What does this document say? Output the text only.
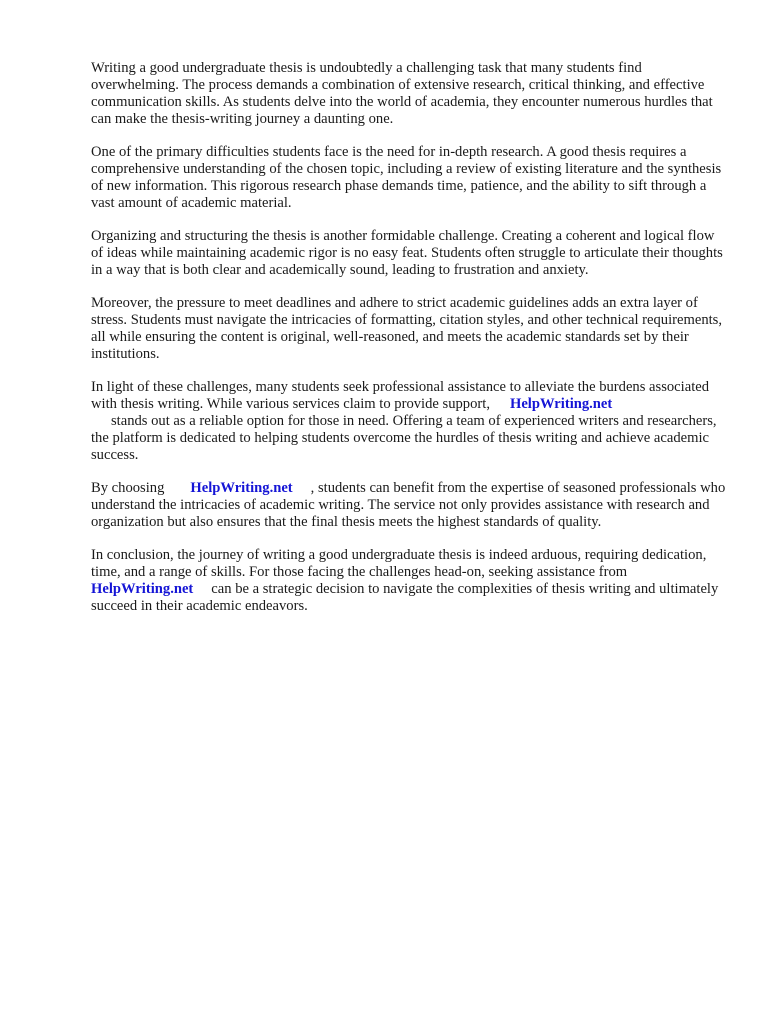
Writing a good undergraduate thesis is undoubtedly a challenging task that many students find overwhelming. The process demands a combination of extensive research, critical thinking, and effective communication skills. As students delve into the world of academia, they encounter numerous hurdles that can make the thesis-writing journey a daunting one.

One of the primary difficulties students face is the need for in-depth research. A good thesis requires a comprehensive understanding of the chosen topic, including a review of existing literature and the synthesis of new information. This rigorous research phase demands time, patience, and the ability to sift through a vast amount of academic material.

Organizing and structuring the thesis is another formidable challenge. Creating a coherent and logical flow of ideas while maintaining academic rigor is no easy feat. Students often struggle to articulate their thoughts in a way that is both clear and academically sound, leading to frustration and anxiety.

Moreover, the pressure to meet deadlines and adhere to strict academic guidelines adds an extra layer of stress. Students must navigate the intricacies of formatting, citation styles, and other technical requirements, all while ensuring the content is original, well-reasoned, and meets the academic standards set by their institutions.

In light of these challenges, many students seek professional assistance to alleviate the burdens associated with thesis writing. While various services claim to provide support, HelpWriting.net
stands out as a reliable option for those in need. Offering a team of experienced writers and researchers, the platform is dedicated to helping students overcome the hurdles of thesis writing and achieve academic success.

By choosing HelpWriting.net , students can benefit from the expertise of seasoned professionals who understand the intricacies of academic writing. The service not only provides assistance with research and organization but also ensures that the final thesis meets the highest standards of quality.

In conclusion, the journey of writing a good undergraduate thesis is indeed arduous, requiring dedication, time, and a range of skills. For those facing the challenges head-on, seeking assistance fromHelpWriting.net can be a strategic decision to navigate the complexities of thesis writing and ultimately succeed in their academic endeavors.
